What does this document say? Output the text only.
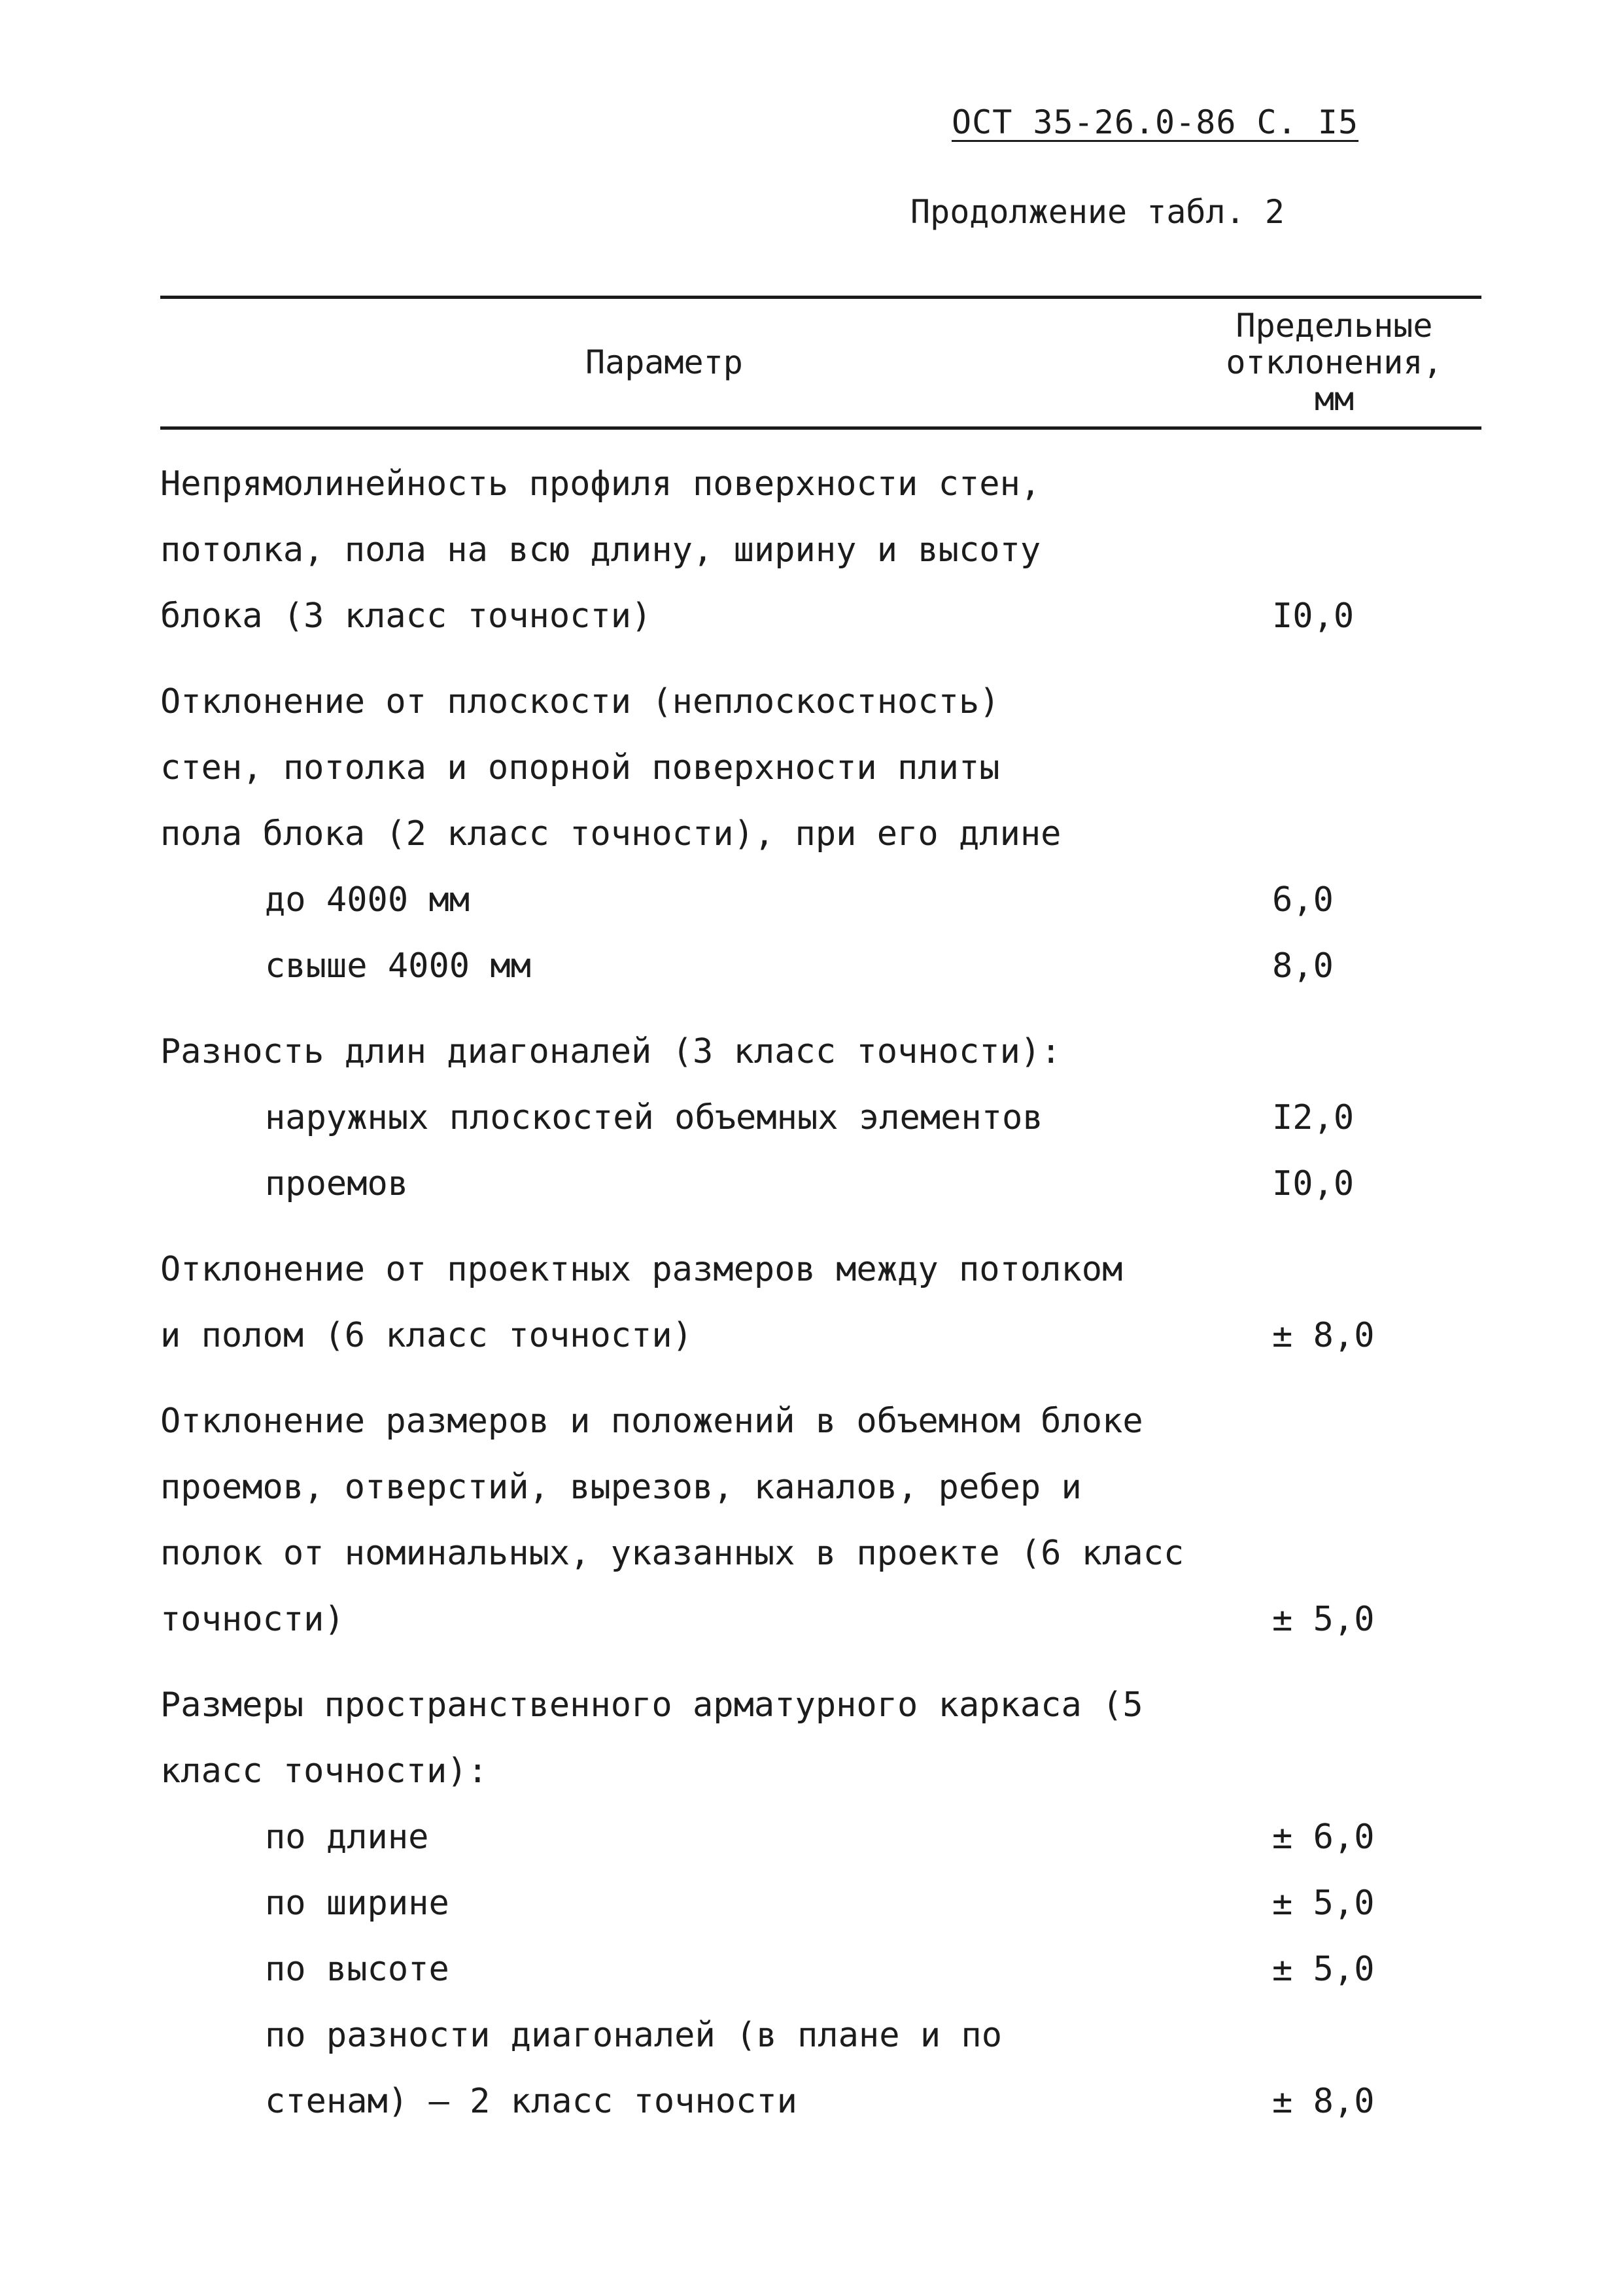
ОСТ 35-26.0-86 С. I5
Продолжение табл. 2
Параметр
Предельные
отклонения,
мм
Непрямолинейность профиля поверхности стен,
потолка, пола на всю длину, ширину и высоту
блока (3 класс точности)	I0,0
Отклонение от плоскости (неплоскостность)
стен, потолка и опорной поверхности плиты
пола блока (2 класс точности), при его длине
до 4000 мм	6,0
свыше 4000 мм	8,0
Разность длин диагоналей (3 класс точности):
наружных плоскостей объемных элементов	I2,0
проемов	I0,0
Отклонение от проектных размеров между потолком
и полом (6 класс точности)	± 8,0
Отклонение размеров и положений в объемном блоке
проемов, отверстий, вырезов, каналов, ребер и
полок от номинальных, указанных в проекте (6 класс
точности)	± 5,0
Размеры пространственного арматурного каркаса (5
класс точности):
по длине	± 6,0
по ширине	± 5,0
по высоте	± 5,0
по разности диагоналей (в плане и по
стенам) – 2 класс точности	± 8,0
